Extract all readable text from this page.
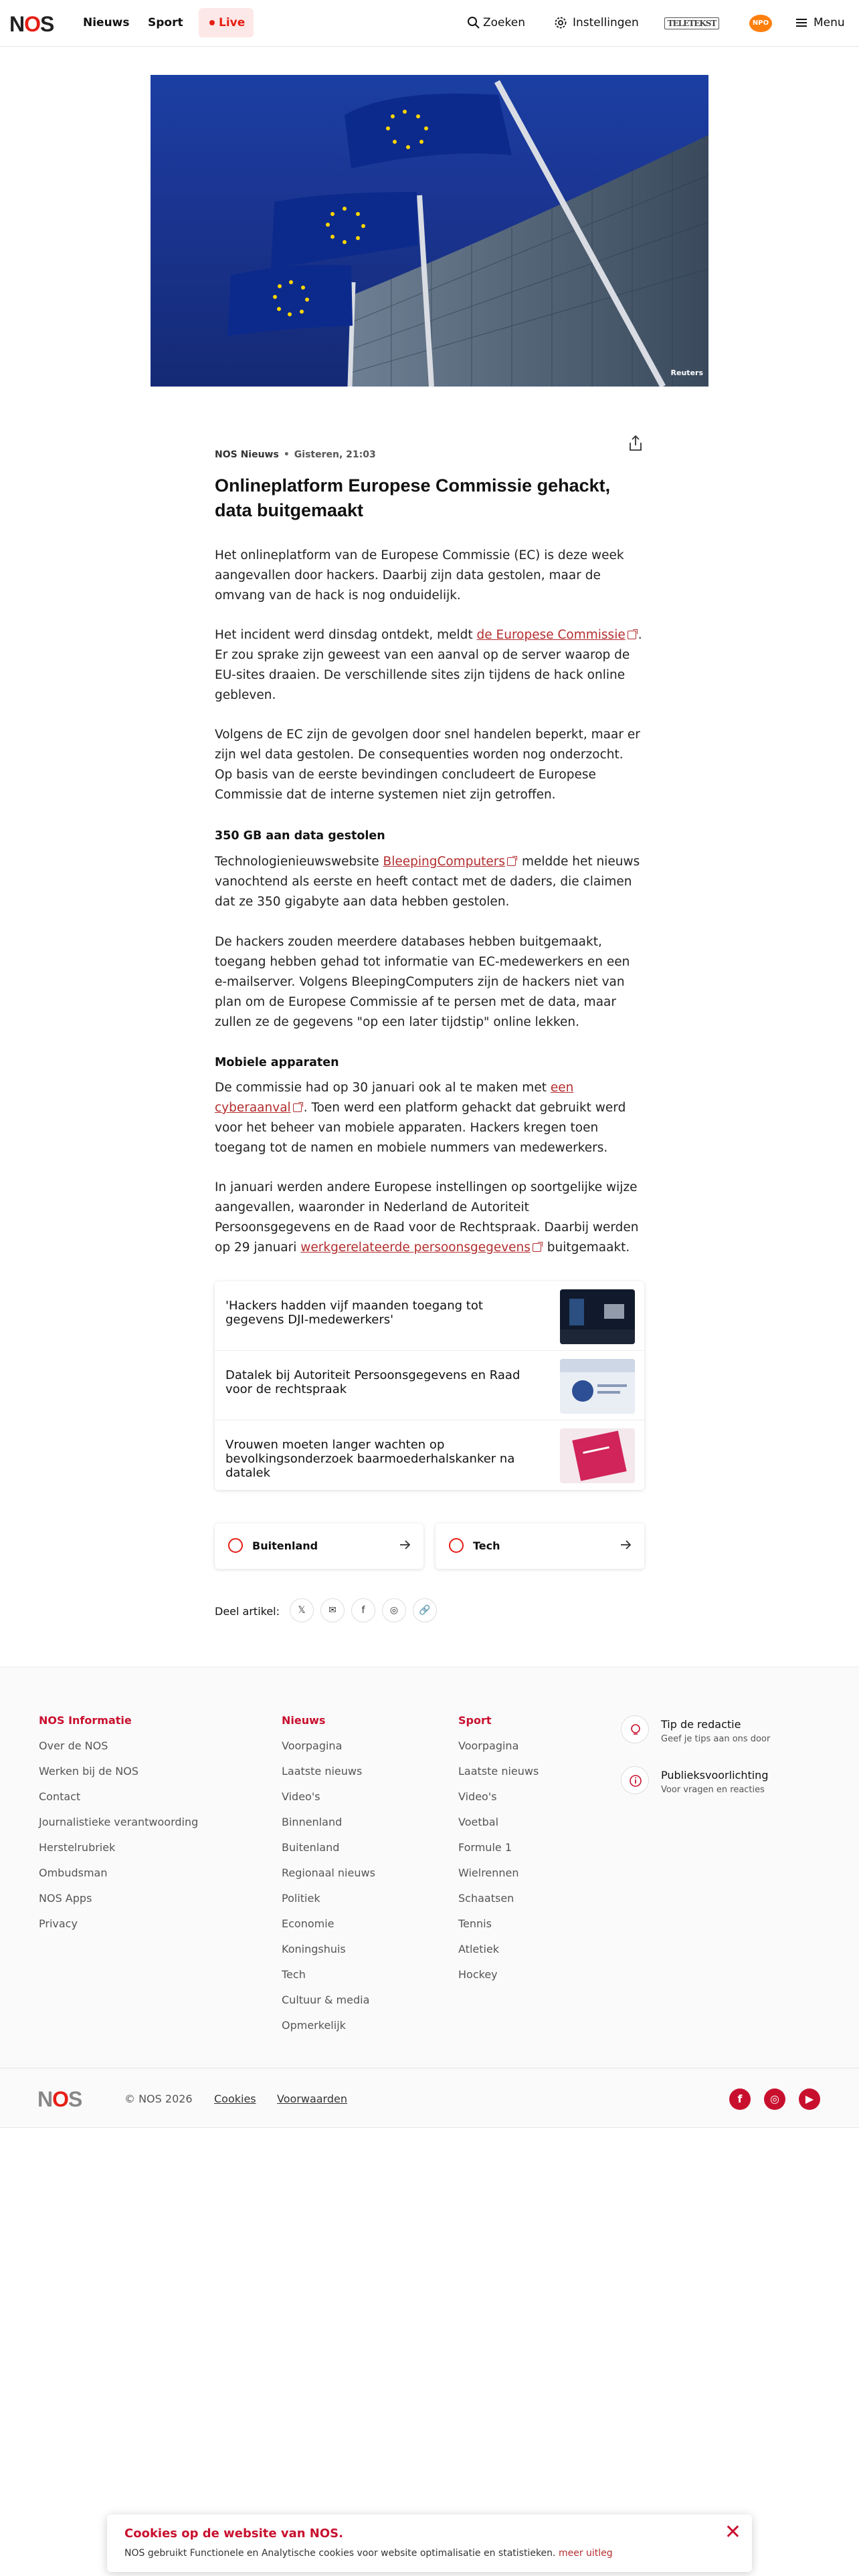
NOS	Nieuws Sport	Live	Zoeken	Instellingen	TELETEKST	NPO	Menu
Reuters
NOS Nieuws • Gisteren, 21:03
Onlineplatform Europese Commissie gehackt, data buitgemaakt

Het onlineplatform van de Europese Commissie (EC) is deze week aangevallen door hackers. Daarbij zijn data gestolen, maar de omvang van de hack is nog onduidelijk.

Het incident werd dinsdag ontdekt, meldt de Europese Commissie . Er zou sprake zijn geweest van een aanval op de server waarop de EU-sites draaien. De verschillende sites zijn tijdens de hack online gebleven.

Volgens de EC zijn de gevolgen door snel handelen beperkt, maar er zijn wel data gestolen. De consequenties worden nog onderzocht. Op basis van de eerste bevindingen concludeert de Europese Commissie dat de interne systemen niet zijn getroffen.

350 GB aan data gestolen

Technologienieuwswebsite BleepingComputers meldde het nieuws vanochtend als eerste en heeft contact met de daders, die claimen dat ze 350 gigabyte aan data hebben gestolen.

De hackers zouden meerdere databases hebben buitgemaakt, toegang hebben gehad tot informatie van EC-medewerkers en een e-mailserver. Volgens BleepingComputers zijn de hackers niet van plan om de Europese Commissie af te persen met de data, maar zullen ze de gegevens "op een later tijdstip" online lekken.

Mobiele apparaten

De commissie had op 30 januari ook al te maken met een cyberaanval . Toen werd een platform gehackt dat gebruikt werd voor het beheer van mobiele apparaten. Hackers kregen toen toegang tot de namen en mobiele nummers van medewerkers.

In januari werden andere Europese instellingen op soortgelijke wijze aangevallen, waaronder in Nederland de Autoriteit Persoonsgegevens en de Raad voor de Rechtspraak. Daarbij werden op 29 januari werkgerelateerde persoonsgegevens buitgemaakt.

'Hackers hadden vijf maanden toegang tot gegevens DJI-medewerkers'
Datalek bij Autoriteit Persoonsgegevens en Raad voor de rechtspraak
Vrouwen moeten langer wachten op bevolkingsonderzoek baarmoederhalskanker na datalek
Buitenland	Tech
Deel artikel:	𝕏	✉	f	◎	🔗
NOS Informatie
Over de NOS
Werken bij de NOS
Contact
Journalistieke verantwoording
Herstelrubriek
Ombudsman
NOS Apps
Privacy
Nieuws
Voorpagina
Laatste nieuws
Video's
Binnenland
Buitenland
Regionaal nieuws
Politiek
Economie
Koningshuis
Tech
Cultuur & media
Opmerkelijk
Sport
Voorpagina
Laatste nieuws
Video's
Voetbal
Formule 1
Wielrennen
Schaatsen
Tennis
Atletiek
Hockey
Tip de redactie
Geef je tips aan ons door
Publieksvoorlichting
Voor vragen en reacties
NOS	© NOS 2026 Cookies Voorwaarden	f	◎	▶
Cookies op de website van NOS.
NOS gebruikt Functionele en Analytische cookies voor website optimalisatie en statistieken. meer uitleg
✕
